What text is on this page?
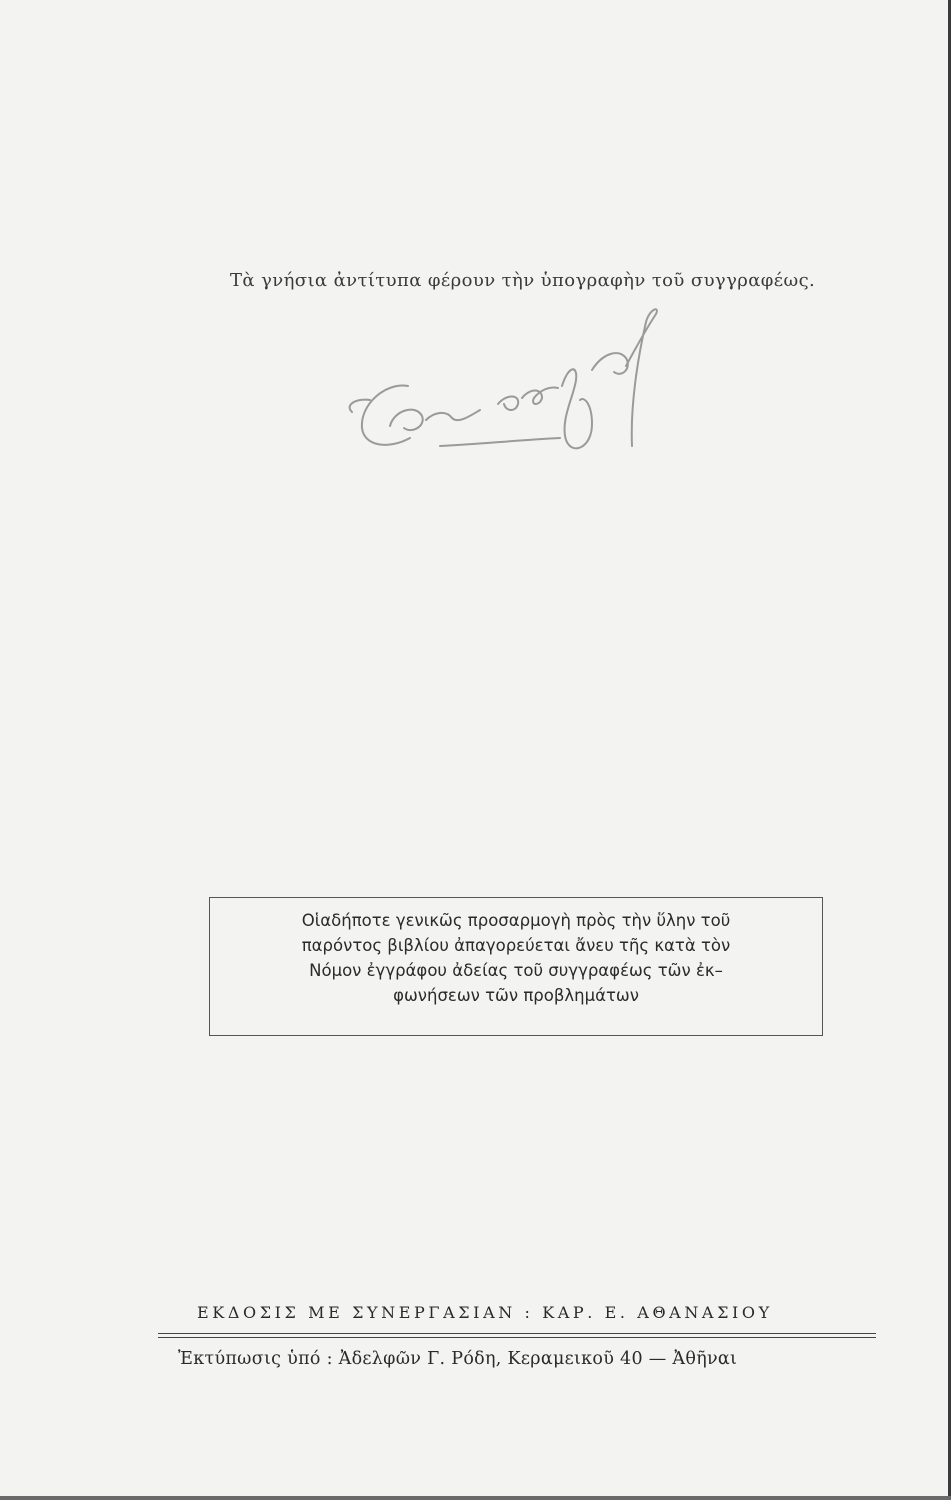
Τὰ γνήσια ἀντίτυπα φέρουν τὴν ὑπογραφὴν τοῦ συγγραφέως.
Οἱαδήποτε γενικῶς προσαρμογὴ πρὸς τὴν ὕλην τοῦ
παρόντος βιβλίου ἀπαγορεύεται ἄνευ τῆς κατὰ τὸν
Νόμον ἐγγράφου ἀδείας τοῦ συγγραφέως τῶν ἐκ–
φωνήσεων τῶν προβλημάτων
ΕΚΔΟΣΙΣ ΜΕ ΣΥΝΕΡΓΑΣΙΑΝ : ΚΑΡ. Ε. ΑΘΑΝΑΣΙΟΥ
Ἐκτύπωσις ὑπό : Ἀδελφῶν Γ. Ρόδη, Κεραμεικοῦ 40 — Ἀθῆναι
